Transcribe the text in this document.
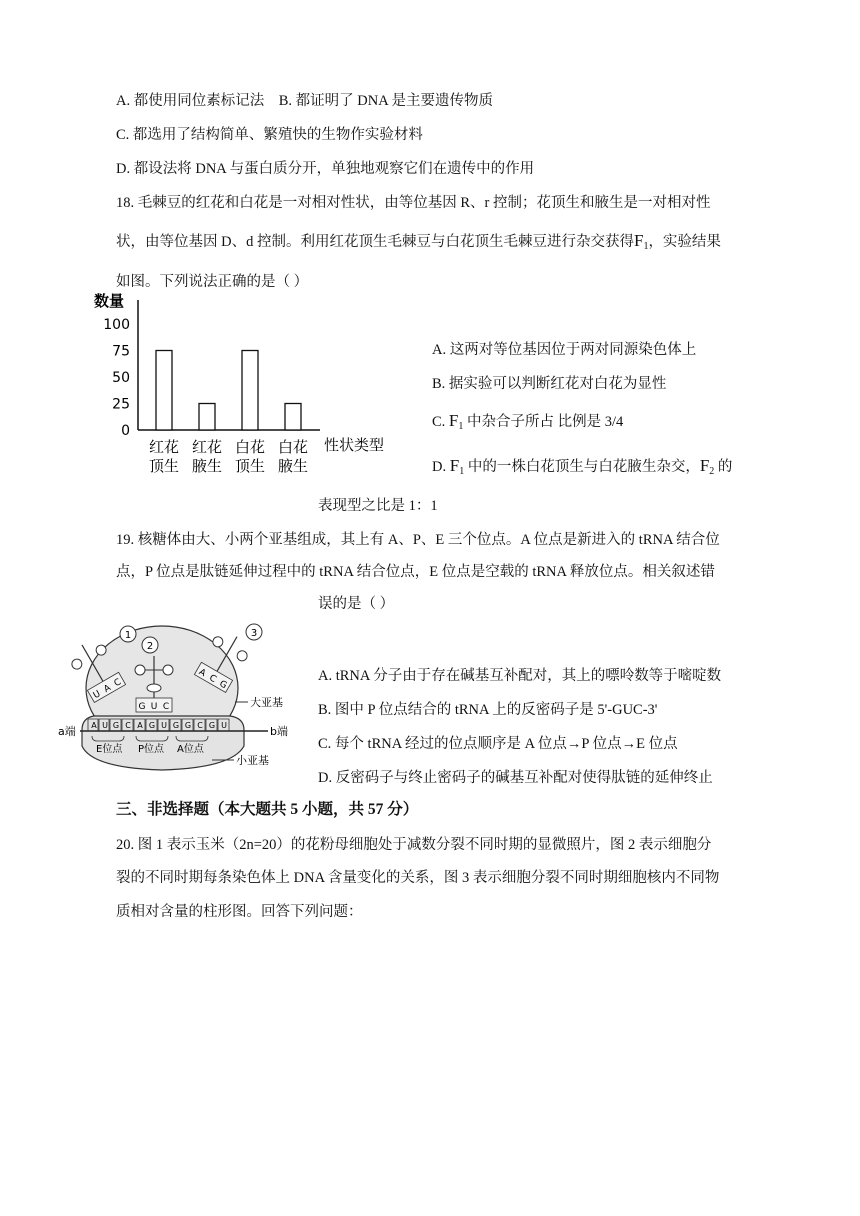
A. 都使用同位素标记法 B. 都证明了 DNA 是主要遗传物质
C. 都选用了结构简单、繁殖快的生物作实验材料
D. 都设法将 DNA 与蛋白质分开，单独地观察它们在遗传中的作用
18. 毛棘豆的红花和白花是一对相对性状，由等位基因 R、r 控制；花顶生和腋生是一对相对性
状，由等位基因 D、d 控制。利用红花顶生毛棘豆与白花顶生毛棘豆进行杂交获得$F_1$，实验结果
如图。下列说法正确的是（ ）
数量
0
25
50
75
100
红花
顶生
红花
腋生
白花
顶生
白花
腋生
性状类型
A. 这两对等位基因位于两对同源染色体上
B. 据实验可以判断红花对白花为显性
C. $F_1$ 中杂合子所占 比例是 3/4
D. $F_1$ 中的一株白花顶生与白花腋生杂交，$F_2$ 的
表现型之比是 1：1
19. 核糖体由大、小两个亚基组成，其上有 A、P、E 三个位点。A 位点是新进入的 tRNA 结合位
点，P 位点是肽链延伸过程中的 tRNA 结合位点，E 位点是空载的 tRNA 释放位点。相关叙述错
误的是（ ）
A U G C A G U G G C G U
G U C
U
A
C
A
C G
1
2
3
大亚基
小亚基
a端	b端
E位点 P位点 A位点
A. tRNA 分子由于存在碱基互补配对，其上的嘌呤数等于嘧啶数
B. 图中 P 位点结合的 tRNA 上的反密码子是 5'-GUC-3'
C. 每个 tRNA 经过的位点顺序是 A 位点→P 位点→E 位点
D. 反密码子与终止密码子的碱基互补配对使得肽链的延伸终止
三、非选择题（本大题共 5 小题，共 57 分）
20. 图 1 表示玉米（2n=20）的花粉母细胞处于减数分裂不同时期的显微照片，图 2 表示细胞分
裂的不同时期每条染色体上 DNA 含量变化的关系，图 3 表示细胞分裂不同时期细胞核内不同物
质相对含量的柱形图。回答下列问题：
